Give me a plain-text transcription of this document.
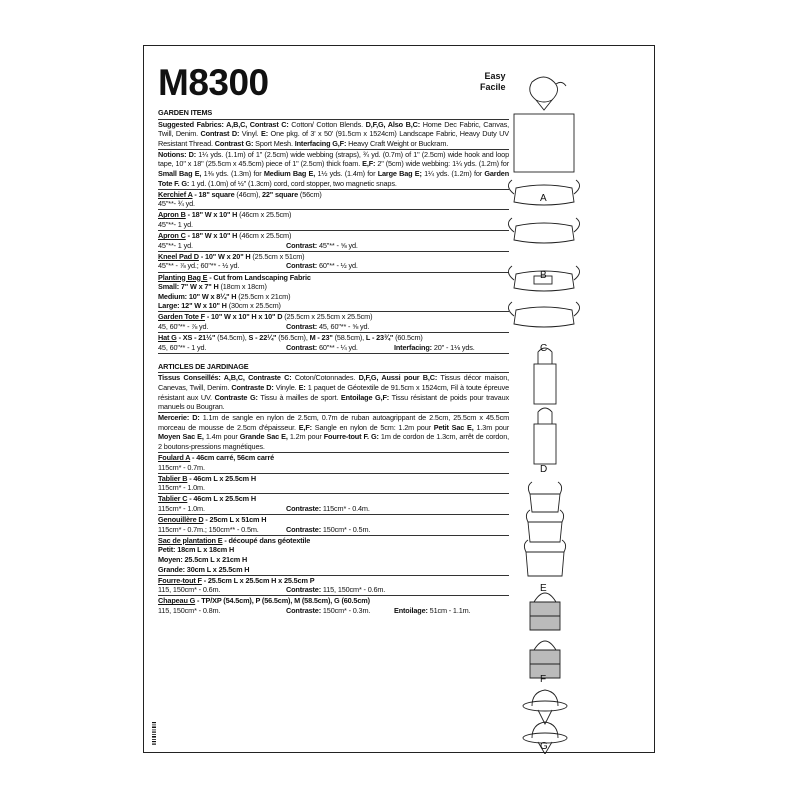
M8300	Easy
Facile
GARDEN ITEMS
Suggested Fabrics: A,B,C, Contrast C: Cotton/ Cotton Blends. D,F,G, Also B,C: Home Dec Fabric, Canvas, Twill, Denim. Contrast D: Vinyl. E: One pkg. of 3' x 50' (91.5cm x 1524cm) Landscape Fabric, Heavy Duty UV Resistant Thread. Contrast G: Sport Mesh. Interfacing G,F: Heavy Craft Weight or Buckram.
Notions: D: 1¼ yds. (1.1m) of 1" (2.5cm) wide webbing (straps), ¾ yd. (0.7m) of 1" (2.5cm) wide hook and loop tape, 10" x 18" (25.5cm x 45.5cm) piece of 1" (2.5cm) thick foam. E,F: 2" (5cm) wide webbing: 1¼ yds. (1.2m) for Small Bag E, 1⅜ yds. (1.3m) for Medium Bag E, 1½ yds. (1.4m) for Large Bag E; 1¼ yds. (1.2m) for Garden Tote F. G: 1 yd. (1.0m) of ½" (1.3cm) cord, cord stopper, two magnetic snaps.
Kerchief A - 18" square (46cm), 22" square (56cm)
45"**- ¾ yd.
Apron B - 18" W x 10" H (46cm x 25.5cm)
45"**- 1 yd.
Apron C - 18" W x 10" H (46cm x 25.5cm)
45"**- 1 yd.	Contrast: 45"** - ⅝ yd.
Kneel Pad D - 10" W x 20" H (25.5cm x 51cm)
45"** - ⅞ yd.; 60"** - ½ yd.	Contrast: 60"** - ½ yd.
Planting Bag E - Cut from Landscaping Fabric
Small: 7" W x 7" H (18cm x 18cm)
Medium: 10" W x 8¼" H (25.5cm x 21cm)
Large: 12" W x 10" H (30cm x 25.5cm)
Garden Tote F - 10" W x 10" H x 10" D (25.5cm x 25.5cm x 25.5cm)
45, 60"** - ⅞ yd.	Contrast: 45, 60"** - ⅝ yd.
Hat G - XS - 21½" (54.5cm), S - 22¼" (56.5cm), M - 23" (58.5cm), L - 23¾" (60.5cm)
45, 60"** - 1 yd.	Contrast: 60"** - ¼ yd.	Interfacing: 20" - 1⅛ yds.
ARTICLES DE JARDINAGE
Tissus Conseillés: A,B,C, Contraste C: Coton/Cotonnades. D,F,G, Aussi pour B,C: Tissus décor maison, Canevas, Twill, Denim. Contraste D: Vinyle. E: 1 paquet de Géotextile de 91.5cm x 1524cm, Fil à toute épreuve résistant aux UV. Contraste G: Tissu à mailles de sport. Entoilage G,F: Tissu résistant de poids pour travaux manuels ou Bougran.
Mercerie: D: 1.1m de sangle en nylon de 2.5cm, 0.7m de ruban autoagrippant de 2.5cm, 25.5cm x 45.5cm morceau de mousse de 2.5cm d'épaisseur. E,F: Sangle en nylon de 5cm: 1.2m pour Petit Sac E, 1.3m pour Moyen Sac E, 1.4m pour Grande Sac E, 1.2m pour Fourre-tout F. G: 1m de cordon de 1.3cm, arrêt de cordon, 2 boutons-pressions magnétiques.
Foulard A - 46cm carré, 56cm carré
115cm* - 0.7m.
Tablier B - 46cm L x 25.5cm H
115cm* - 1.0m.
Tablier C - 46cm L x 25.5cm H
115cm* - 1.0m.	Contraste: 115cm* - 0.4m.
Genouillère D - 25cm L x 51cm H
115cm* - 0.7m.; 150cm** - 0.5m.	Contraste: 150cm* - 0.5m.
Sac de plantation E - découpé dans géotextile
Petit: 18cm L x 18cm H
Moyen: 25.5cm L x 21cm H
Grande: 30cm L x 25.5cm H
Fourre-tout F - 25.5cm L x 25.5cm H x 25.5cm P
115, 150cm* - 0.6m.	Contraste: 115, 150cm* - 0.6m.
Chapeau G - TP/XP (54.5cm), P (56.5cm), M (58.5cm), G (60.5cm)
115, 150cm* - 0.8m.	Contraste: 150cm* - 0.3m.	Entoilage: 51cm - 1.1m.
A
B
C
D
E
F
G
